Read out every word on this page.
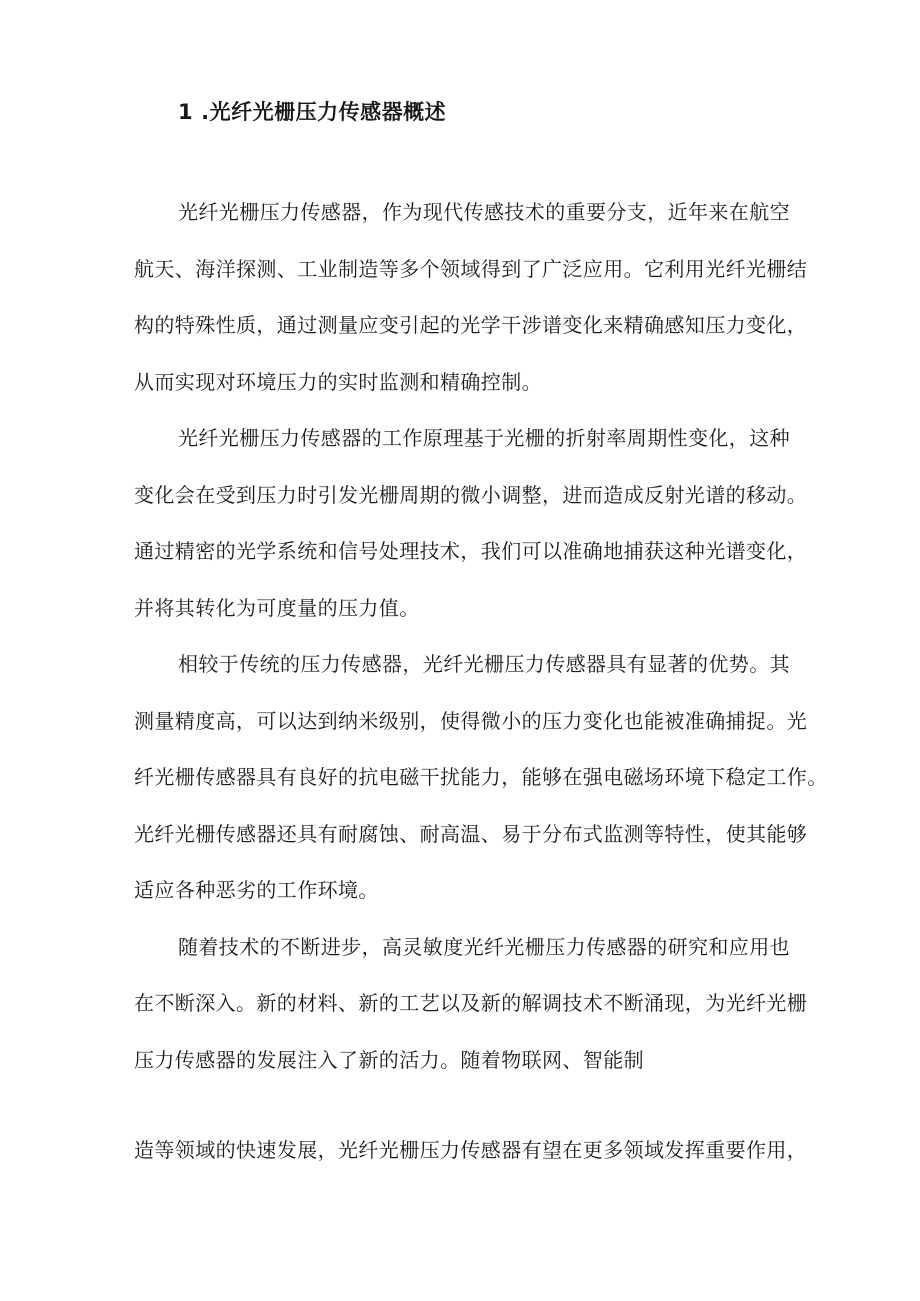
1 .光纤光栅压力传感器概述
光纤光栅压力传感器，作为现代传感技术的重要分支，近年来在航空
航天、海洋探测、工业制造等多个领域得到了广泛应用。它利用光纤光栅结
构的特殊性质，通过测量应变引起的光学干涉谱变化来精确感知压力变化，
从而实现对环境压力的实时监测和精确控制。
光纤光栅压力传感器的工作原理基于光栅的折射率周期性变化，这种
变化会在受到压力时引发光栅周期的微小调整，进而造成反射光谱的移动。
通过精密的光学系统和信号处理技术，我们可以准确地捕获这种光谱变化，
并将其转化为可度量的压力值。
相较于传统的压力传感器，光纤光栅压力传感器具有显著的优势。其
测量精度高，可以达到纳米级别，使得微小的压力变化也能被准确捕捉。光
纤光栅传感器具有良好的抗电磁干扰能力，能够在强电磁场环境下稳定工作。
光纤光栅传感器还具有耐腐蚀、耐高温、易于分布式监测等特性，使其能够
适应各种恶劣的工作环境。
随着技术的不断进步，高灵敏度光纤光栅压力传感器的研究和应用也
在不断深入。新的材料、新的工艺以及新的解调技术不断涌现，为光纤光栅
压力传感器的发展注入了新的活力。随着物联网、智能制
造等领域的快速发展，光纤光栅压力传感器有望在更多领域发挥重要作用，
